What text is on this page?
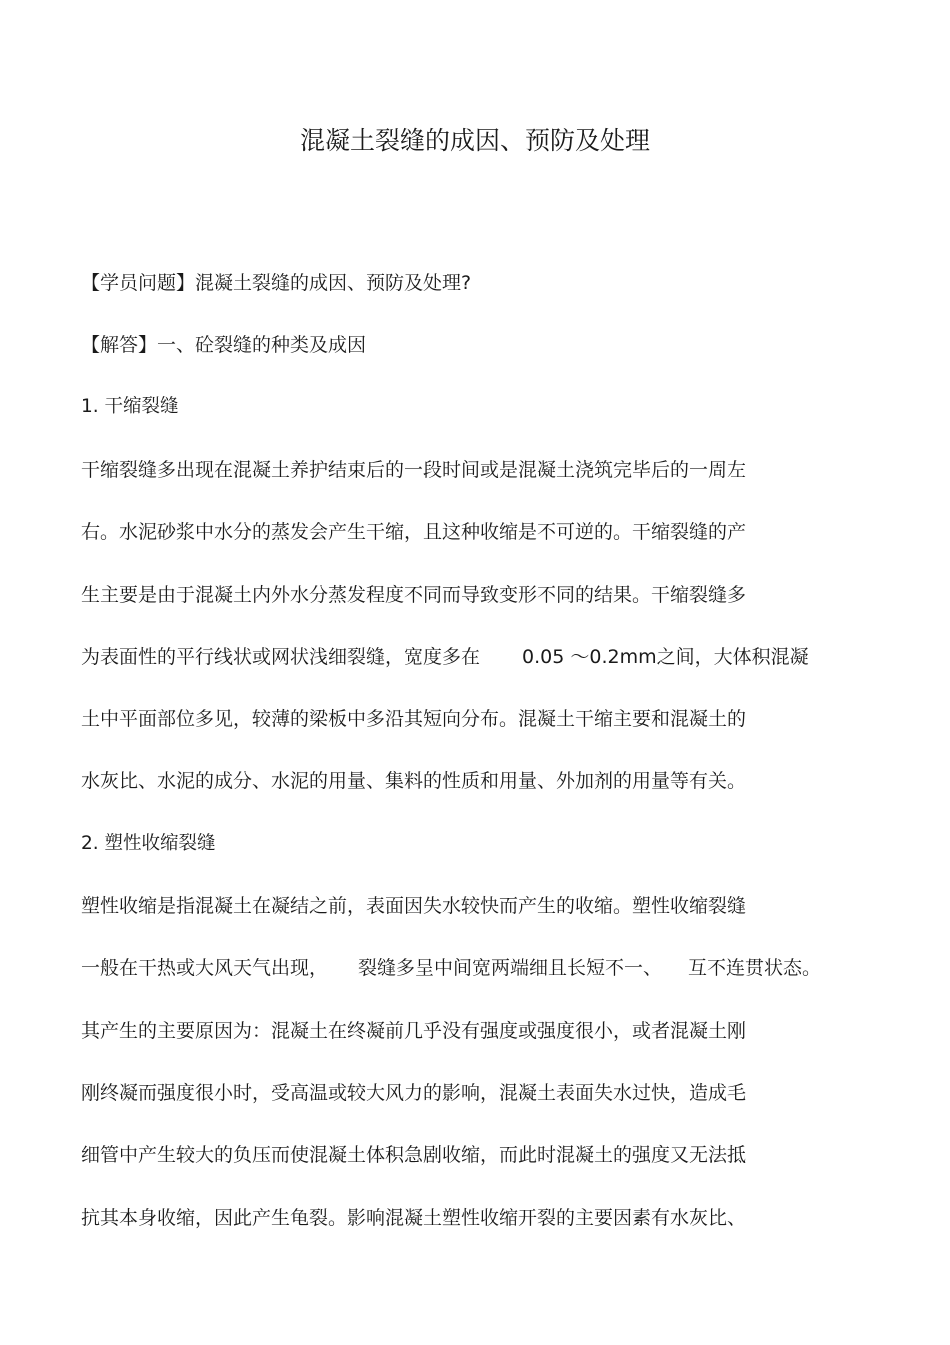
混凝土裂缝的成因、预防及处理
【学员问题】混凝土裂缝的成因、预防及处理?
【解答】一、砼裂缝的种类及成因
1. 干缩裂缝
干缩裂缝多出现在混凝土养护结束后的一段时间或是混凝土浇筑完毕后的一周左
右。水泥砂浆中水分的蒸发会产生干缩，且这种收缩是不可逆的。干缩裂缝的产
生主要是由于混凝土内外水分蒸发程度不同而导致变形不同的结果。干缩裂缝多
为表面性的平行线状或网状浅细裂缝，宽度多在 0.05 ～0.2mm之间，大体积混凝
土中平面部位多见，较薄的梁板中多沿其短向分布。混凝土干缩主要和混凝土的
水灰比、水泥的成分、水泥的用量、集料的性质和用量、外加剂的用量等有关。
2. 塑性收缩裂缝
塑性收缩是指混凝土在凝结之前，表面因失水较快而产生的收缩。塑性收缩裂缝
一般在干热或大风天气出现， 裂缝多呈中间宽两端细且长短不一、 互不连贯状态。
其产生的主要原因为：混凝土在终凝前几乎没有强度或强度很小，或者混凝土刚
刚终凝而强度很小时，受高温或较大风力的影响，混凝土表面失水过快，造成毛
细管中产生较大的负压而使混凝土体积急剧收缩，而此时混凝土的强度又无法抵
抗其本身收缩，因此产生龟裂。影响混凝土塑性收缩开裂的主要因素有水灰比、
